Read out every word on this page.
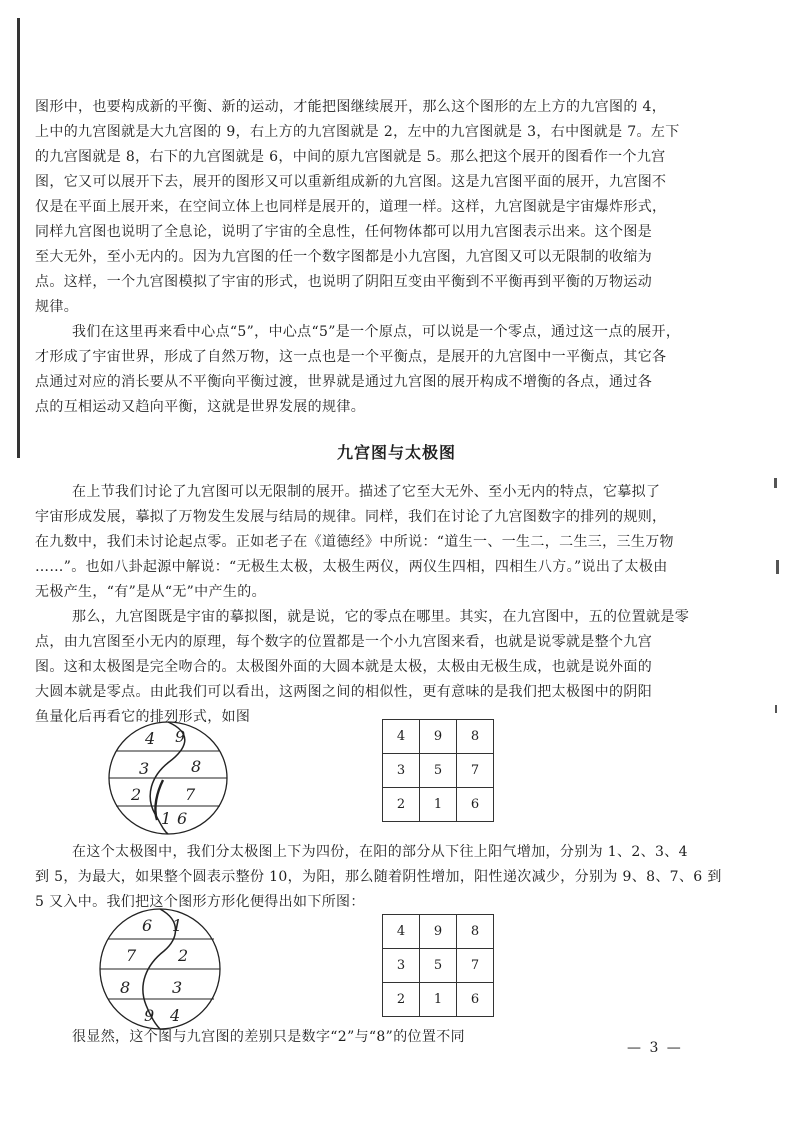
图形中，也要构成新的平衡、新的运动，才能把图继续展开，那么这个图形的左上方的九宫图的 4，
上中的九宫图就是大九宫图的 9，右上方的九宫图就是 2，左中的九宫图就是 3，右中图就是 7。左下
的九宫图就是 8，右下的九宫图就是 6，中间的原九宫图就是 5。那么把这个展开的图看作一个九宫
图，它又可以展开下去，展开的图形又可以重新组成新的九宫图。这是九宫图平面的展开，九宫图不
仅是在平面上展开来，在空间立体上也同样是展开的，道理一样。这样，九宫图就是宇宙爆炸形式，
同样九宫图也说明了全息论，说明了宇宙的全息性，任何物体都可以用九宫图表示出来。这个图是
至大无外，至小无内的。因为九宫图的任一个数字图都是小九宫图，九宫图又可以无限制的收缩为
点。这样，一个九宫图模拟了宇宙的形式，也说明了阴阳互变由平衡到不平衡再到平衡的万物运动
规律。
我们在这里再来看中心点“5”，中心点“5”是一个原点，可以说是一个零点，通过这一点的展开，
才形成了宇宙世界，形成了自然万物，这一点也是一个平衡点，是展开的九宫图中一平衡点，其它各
点通过对应的消长要从不平衡向平衡过渡，世界就是通过九宫图的展开构成不增衡的各点，通过各
点的互相运动又趋向平衡，这就是世界发展的规律。
九宫图与太极图
在上节我们讨论了九宫图可以无限制的展开。描述了它至大无外、至小无内的特点，它摹拟了
宇宙形成发展，摹拟了万物发生发展与结局的规律。同样，我们在讨论了九宫图数字的排列的规则，
在九数中，我们未讨论起点零。正如老子在《道德经》中所说：“道生一、一生二，二生三，三生万物
……”。也如八卦起源中解说：“无极生太极，太极生两仪，两仪生四相，四相生八方。”说出了太极由
无极产生，“有”是从“无”中产生的。
那么，九宫图既是宇宙的摹拟图，就是说，它的零点在哪里。其实，在九宫图中，五的位置就是零
点，由九宫图至小无内的原理，每个数字的位置都是一个小九宫图来看，也就是说零就是整个九宫
图。这和太极图是完全吻合的。太极图外面的大圆本就是太极，太极由无极生成，也就是说外面的
大圆本就是零点。由此我们可以看出，这两图之间的相似性，更有意味的是我们把太极图中的阴阳
鱼量化后再看它的排列形式，如图
4 9
3	8
2	7
1 6
4	9	8
3	5	7
2	1	6
在这个太极图中，我们分太极图上下为四份，在阳的部分从下往上阳气增加，分别为 1、2、3、4
到 5，为最大，如果整个圆表示整份 10，为阳，那么随着阴性增加，阳性递次减少，分别为 9、8、7、6 到
5 又入中。我们把这个图形方形化便得出如下所图：
6 1
7	2
8	3
9 4
4	9	8
3	5	7
2	1	6
很显然，这个图与九宫图的差别只是数字“2”与“8”的位置不同
— 3 —
